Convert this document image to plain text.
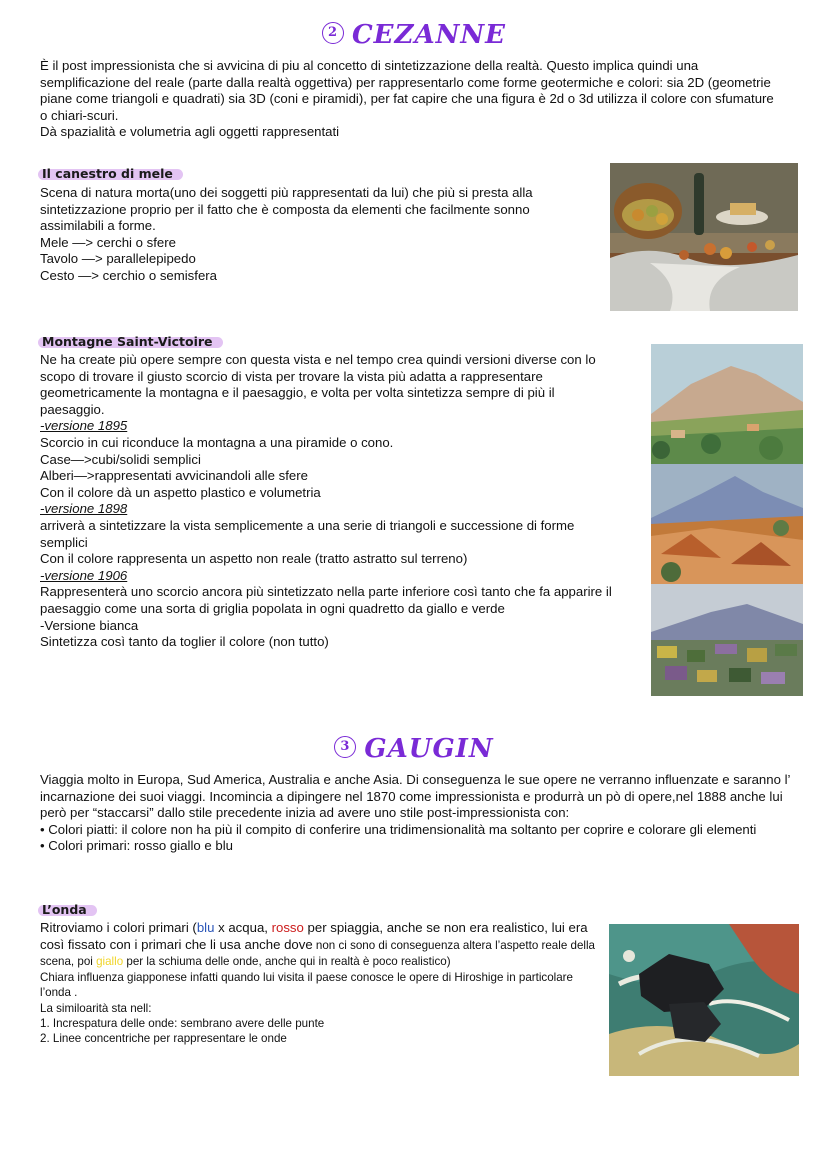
2 CEZANNE

È il post impressionista che si avvicina di piu al concetto di sintetizzazione della realtà. Questo implica quindi una semplificazione del reale (parte dalla realtà oggettiva) per rappresentarlo come forme geotermiche e colori: sia 2D (geometrie piane come triangoli e quadrati) sia 3D (coni e piramidi), per fat capire che una figura è 2d o 3d utilizza il colore con sfumature o chiari-scuri.

Dà spazialità e volumetria agli oggetti rappresentati

Il canestro di mele

Scena di natura morta(uno dei soggetti più rappresentati da lui) che più si presta alla sintetizzazione proprio per il fatto che è composta da elementi che facilmente sonno assimilabili a forme.

Mele —> cerchi o sfere

Tavolo —> parallelepipedo

Cesto —> cerchio o semisfera

Montagne Saint-Victoire

Ne ha create più opere sempre con questa vista e nel tempo crea quindi versioni diverse con lo scopo di trovare il giusto scorcio di vista per trovare la vista più adatta a rappresentare geometricamente la montagna e il paesaggio, e volta per volta sintetizza sempre di più il paesaggio.

-versione 1895

Scorcio in cui riconduce la montagna a una piramide o cono.

Case—>cubi/solidi semplici

Alberi—>rappresentati avvicinandoli alle sfere

Con il colore dà un aspetto plastico e volumetria

-versione 1898

arriverà a sintetizzare la vista semplicemente a una serie di triangoli e successione di forme semplici

Con il colore rappresenta un aspetto non reale (tratto astratto sul terreno)

-versione 1906

Rappresenterà uno scorcio ancora più sintetizzato nella parte inferiore così tanto che fa apparire il paesaggio come una sorta di griglia popolata in ogni quadretto da giallo e verde

-Versione bianca

Sintetizza così tanto da toglier il colore (non tutto)

3 GAUGIN

Viaggia molto in Europa, Sud America, Australia e anche Asia. Di conseguenza le sue opere ne verranno influenzate e saranno l’ incarnazione dei suoi viaggi. Incomincia a dipingere nel 1870 come impressionista e produrrà un pò di opere,nel 1888 anche lui però per “staccarsi” dallo stile precedente inizia ad avere uno stile post-impressionista con:

• Colori piatti: il colore non ha più il compito di conferire una tridimensionalità ma soltanto per coprire e colorare gli elementi

• Colori primari: rosso giallo e blu

L’onda

Ritroviamo i colori primari (blu x acqua, rosso per spiaggia, anche se non era realistico, lui era così fissato con i primari che li usa anche dove non ci sono di conseguenza altera l’aspetto reale della scena, poi giallo per la schiuma delle onde, anche qui in realtà è poco realistico)

Chiara influenza giapponese infatti quando lui visita il paese conosce le opere di Hiroshige in particolare l’onda .

La similoarità sta nell:

1. Increspatura delle onde: sembrano avere delle punte

2. Linee concentriche per rappresentare le onde
